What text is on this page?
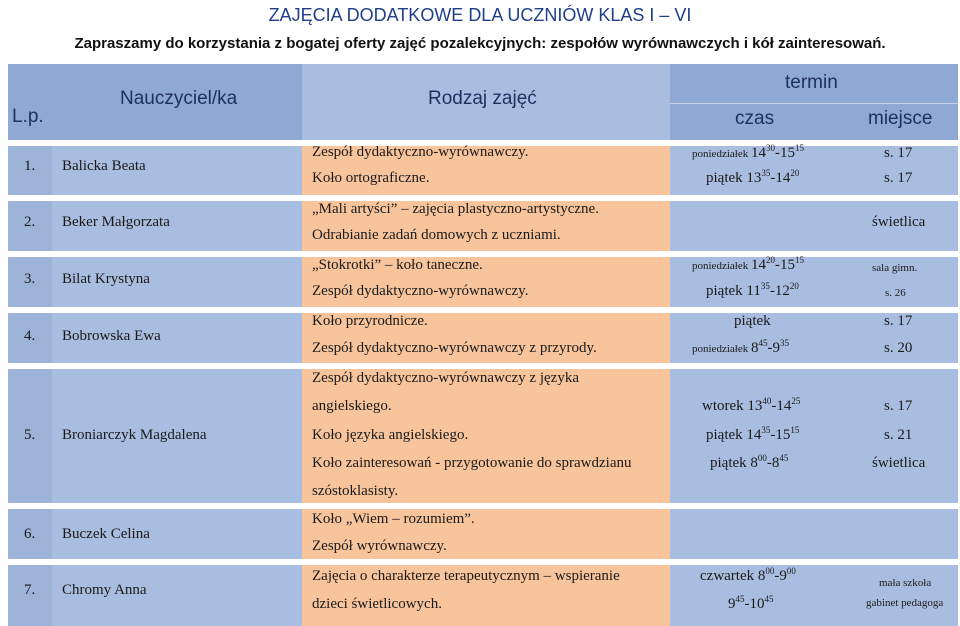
ZAJĘCIA DODATKOWE DLA UCZNIÓW KLAS I – VI
Zapraszamy do korzystania z bogatej oferty zajęć pozalekcyjnych: zespołów wyrównawczych i kół zainteresowań.
L.p.
Nauczyciel/ka	Rodzaj zajęć
termin
czas	miejsce
1. Balicka Beata
Zespół dydaktyczno-wyrównawczy.
Koło ortograficzne.
poniedziałek $14^{30}-15^{15}$
piątek $13^{35}-14^{20}$
s. 17
s. 17
2. Beker Małgorzata
„Mali artyści” – zajęcia plastyczno-artystyczne.
Odrabianie zadań domowych z uczniami.
świetlica
3. Bilat Krystyna
„Stokrotki” – koło taneczne.
Zespół dydaktyczno-wyrównawczy.
poniedziałek $14^{20}-15^{15}$
piątek $11^{35}-12^{20}$
sala gimn.
s. 26
4. Bobrowska Ewa
Koło przyrodnicze.
Zespół dydaktyczno-wyrównawczy z przyrody.
piątek
poniedziałek $8^{45}-9^{35}$
s. 17
s. 20
5. Broniarczyk Magdalena
Zespół dydaktyczno-wyrównawczy z języka
angielskiego.
Koło języka angielskiego.
Koło zainteresowań - przygotowanie do sprawdzianu
szóstoklasisty.
wtorek $13^{40}-14^{25}$
piątek $14^{35}-15^{15}$
piątek $8^{00}-8^{45}$
s. 17
s. 21
świetlica
6. Buczek Celina
Koło „Wiem – rozumiem”.
Zespół wyrównawczy.
7. Chromy Anna
Zajęcia o charakterze terapeutycznym – wspieranie
dzieci świetlicowych.
czwartek $8^{00}-9^{00}$
$9^{45}-10^{45}$
mała szkoła
gabinet pedagoga
